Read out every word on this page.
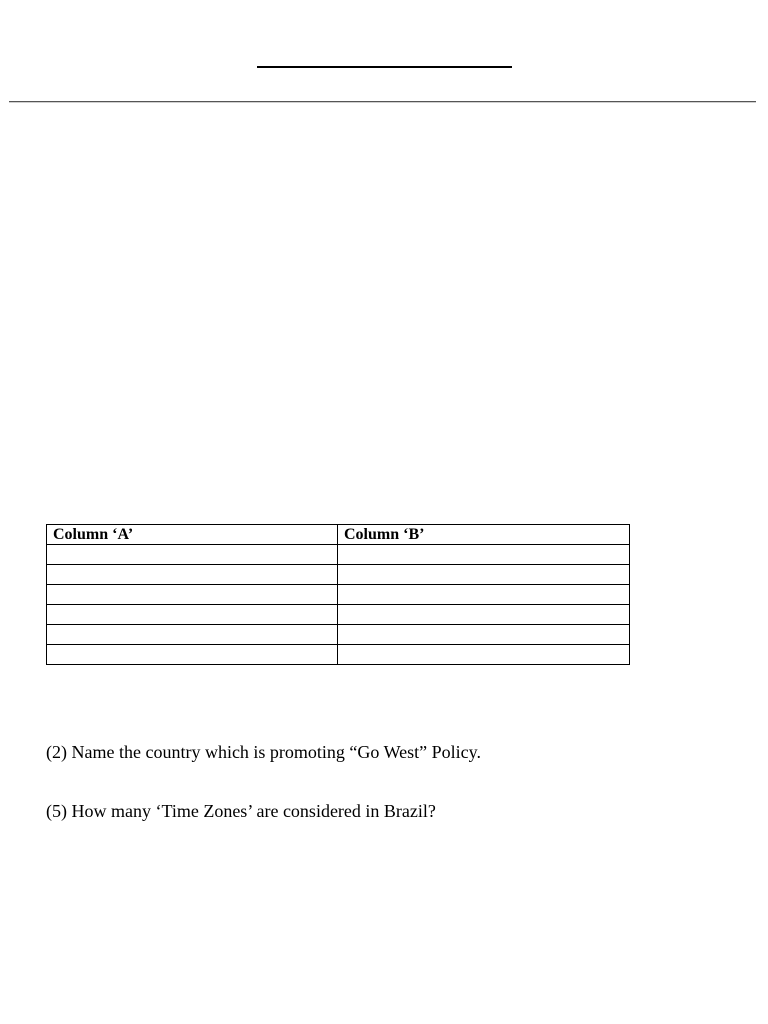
Column ‘A’	Column ‘B’

(2) Name the country which is promoting “Go West” Policy.
(5) How many ‘Time Zones’ are considered in Brazil?
